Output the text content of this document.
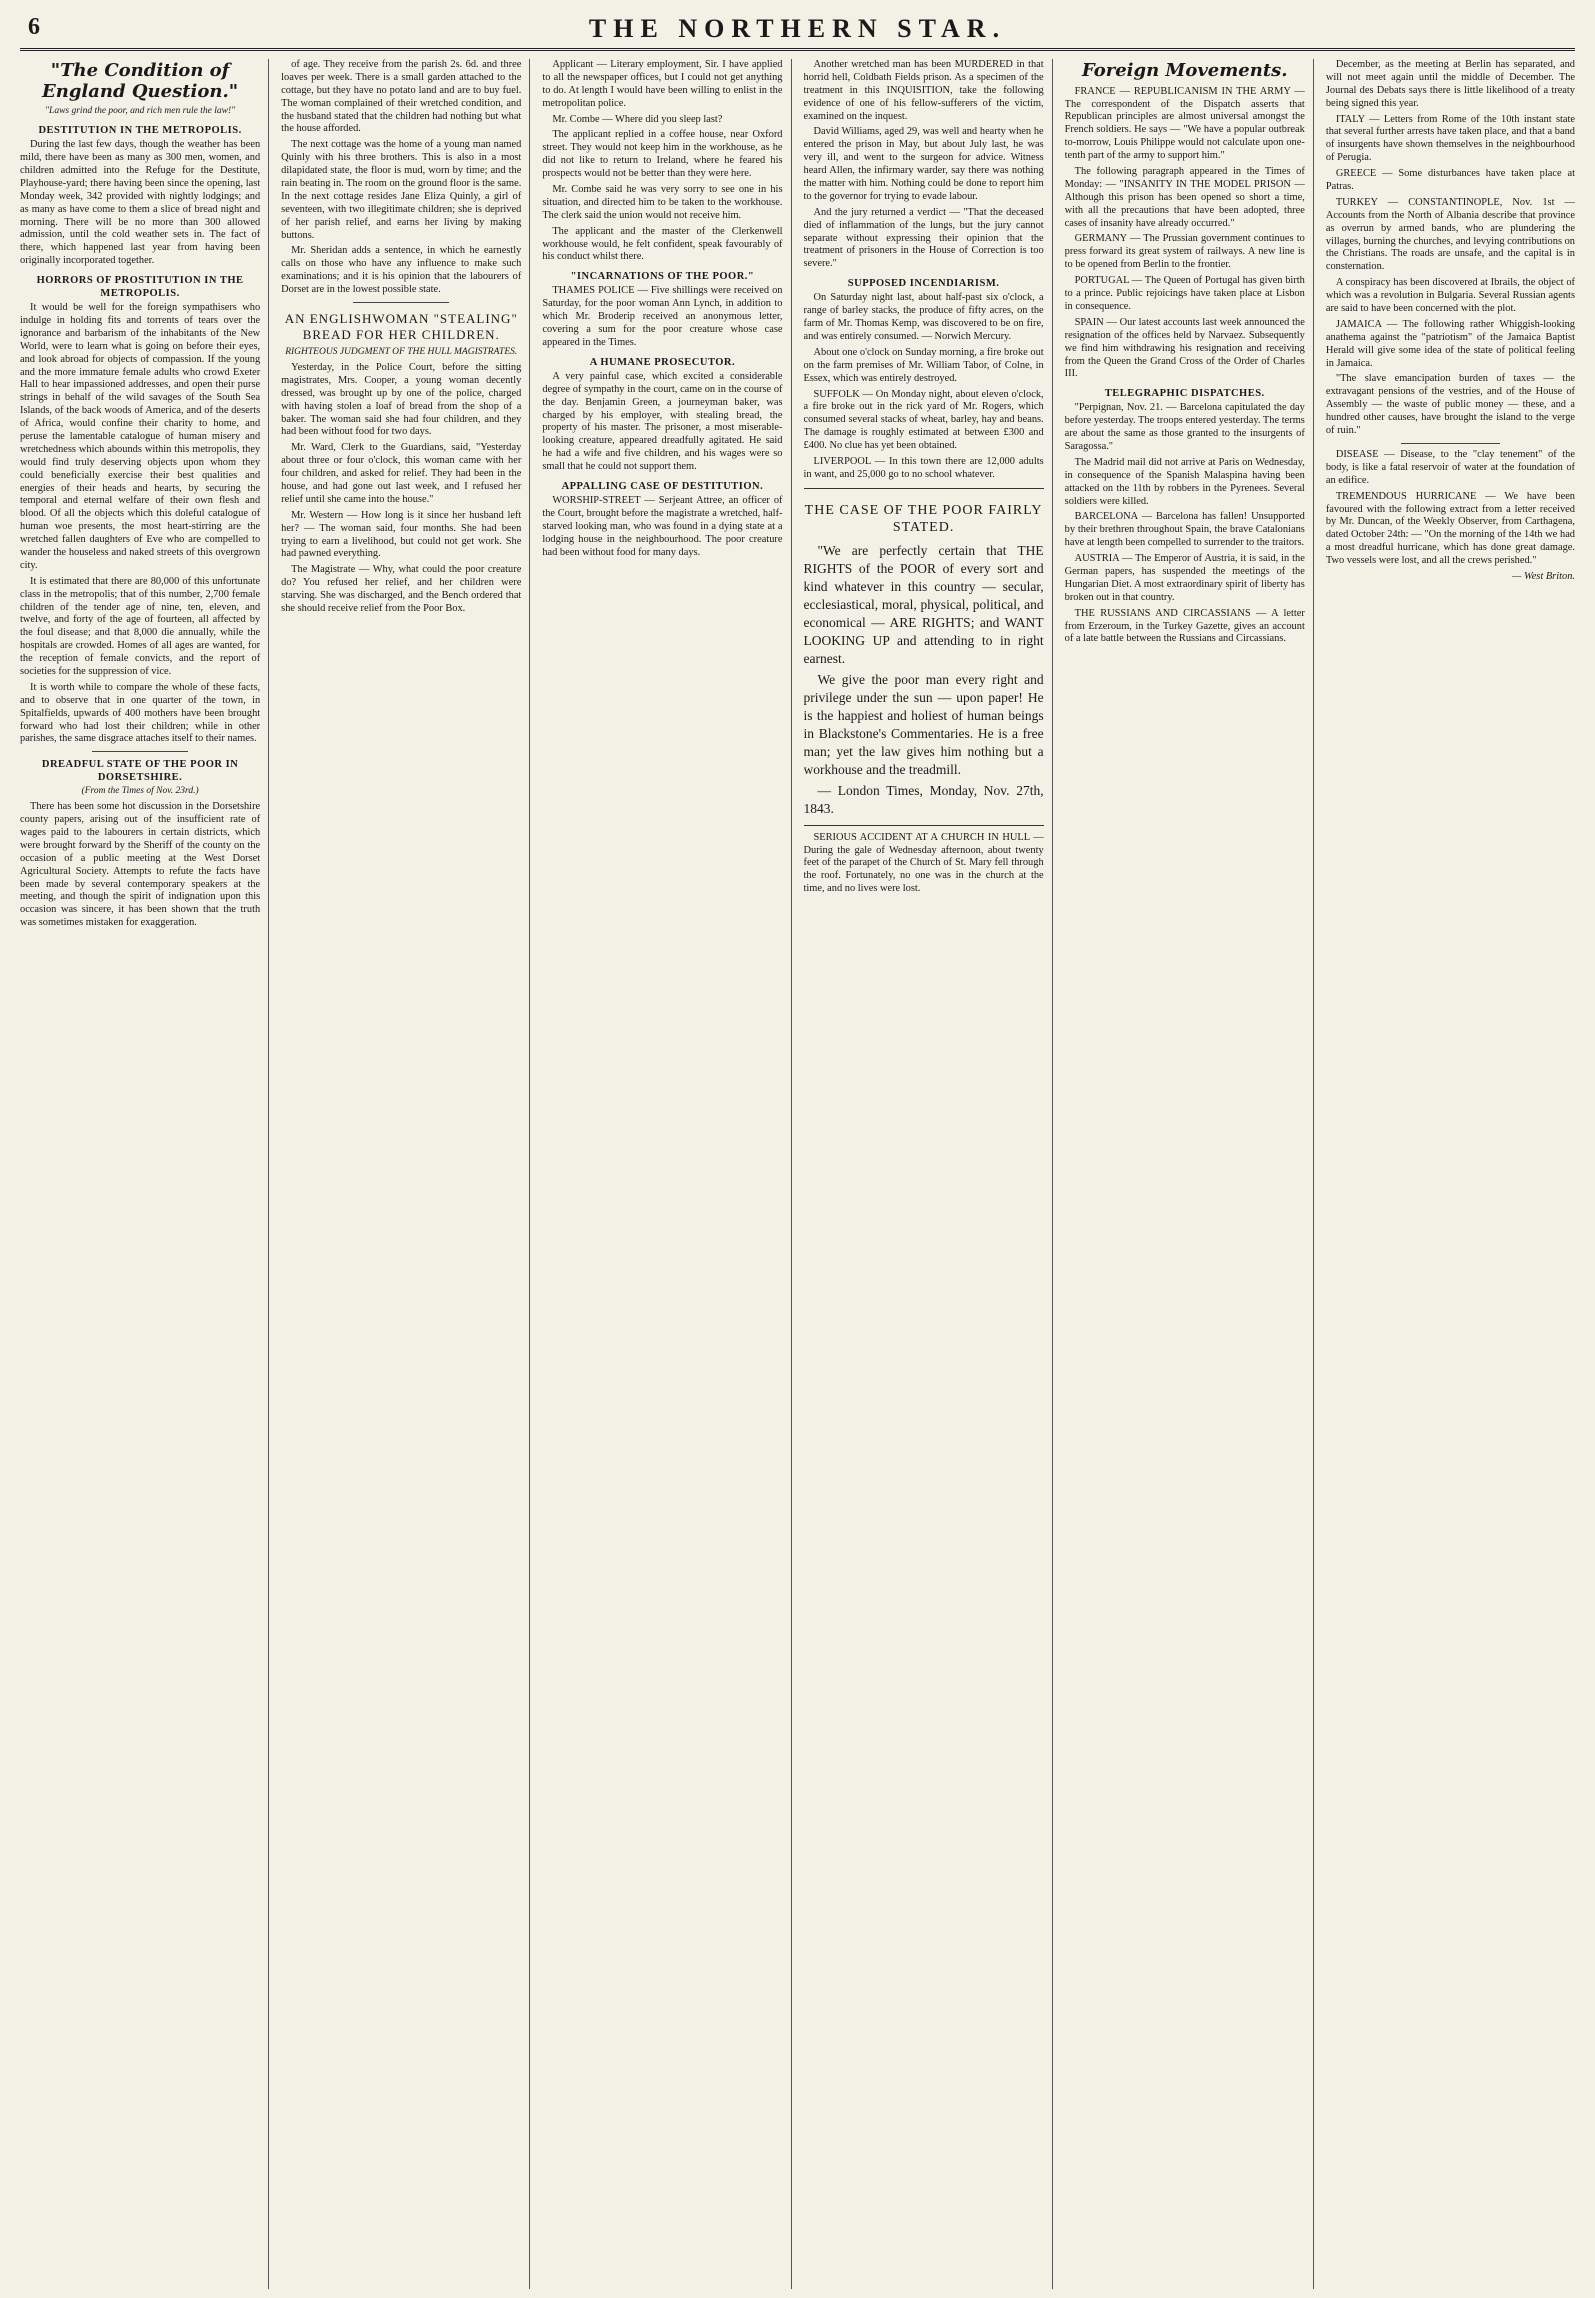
6	THE NORTHERN STAR.
"The Condition of England Question."
"Laws grind the poor, and rich men rule the law!"
DESTITUTION IN THE METROPOLIS.

During the last few days, though the weather has been mild, there have been as many as 300 men, women, and children admitted into the Refuge for the Destitute, Playhouse-yard; there having been since the opening, last Monday week, 342 provided with nightly lodgings; and as many as have come to them a slice of bread night and morning. There will be no more than 300 allowed admission, until the cold weather sets in. The fact of there, which happened last year from having been originally incorporated together.

HORRORS OF PROSTITUTION IN THE METROPOLIS.

It would be well for the foreign sympathisers who indulge in holding fits and torrents of tears over the ignorance and barbarism of the inhabitants of the New World, were to learn what is going on before their eyes, and look abroad for objects of compassion. If the young and the more immature female adults who crowd Exeter Hall to hear impassioned addresses, and open their purse strings in behalf of the wild savages of the South Sea Islands, of the back woods of America, and of the deserts of Africa, would confine their charity to home, and peruse the lamentable catalogue of human misery and wretchedness which abounds within this metropolis, they would find truly deserving objects upon whom they could beneficially exercise their best qualities and energies of their heads and hearts, by securing the temporal and eternal welfare of their own flesh and blood. Of all the objects which this doleful catalogue of human woe presents, the most heart-stirring are the wretched fallen daughters of Eve who are compelled to wander the houseless and naked streets of this overgrown city.

It is estimated that there are 80,000 of this unfortunate class in the metropolis; that of this number, 2,700 female children of the tender age of nine, ten, eleven, and twelve, and forty of the age of fourteen, all affected by the foul disease; and that 8,000 die annually, while the hospitals are crowded. Homes of all ages are wanted, for the reception of female convicts, and the report of societies for the suppression of vice.

It is worth while to compare the whole of these facts, and to observe that in one quarter of the town, in Spitalfields, upwards of 400 mothers have been brought forward who had lost their children; while in other parishes, the same disgrace attaches itself to their names.

DREADFUL STATE OF THE POOR IN DORSETSHIRE.
(From the Times of Nov. 23rd.)

There has been some hot discussion in the Dorsetshire county papers, arising out of the insufficient rate of wages paid to the labourers in certain districts, which were brought forward by the Sheriff of the county on the occasion of a public meeting at the West Dorset Agricultural Society. Attempts to refute the facts have been made by several contemporary speakers at the meeting, and though the spirit of indignation upon this occasion was sincere, it has been shown that the truth was sometimes mistaken for exaggeration.

of age. They receive from the parish 2s. 6d. and three loaves per week. There is a small garden attached to the cottage, but they have no potato land and are to buy fuel. The woman complained of their wretched condition, and the husband stated that the children had nothing but what the house afforded.

The next cottage was the home of a young man named Quinly with his three brothers. This is also in a most dilapidated state, the floor is mud, worn by time; and the rain beating in. The room on the ground floor is the same. In the next cottage resides Jane Eliza Quinly, a girl of seventeen, with two illegitimate children; she is deprived of her parish relief, and earns her living by making buttons.

Mr. Sheridan adds a sentence, in which he earnestly calls on those who have any influence to make such examinations; and it is his opinion that the labourers of Dorset are in the lowest possible state.

AN ENGLISHWOMAN "STEALING" BREAD FOR HER CHILDREN.
RIGHTEOUS JUDGMENT OF THE HULL MAGISTRATES.

Yesterday, in the Police Court, before the sitting magistrates, Mrs. Cooper, a young woman decently dressed, was brought up by one of the police, charged with having stolen a loaf of bread from the shop of a baker. The woman said she had four children, and they had been without food for two days.

Mr. Ward, Clerk to the Guardians, said, "Yesterday about three or four o'clock, this woman came with her four children, and asked for relief. They had been in the house, and had gone out last week, and I refused her relief until she came into the house."

Mr. Western — How long is it since her husband left her? — The woman said, four months. She had been trying to earn a livelihood, but could not get work. She had pawned everything.

The Magistrate — Why, what could the poor creature do? You refused her relief, and her children were starving. She was discharged, and the Bench ordered that she should receive relief from the Poor Box.

Applicant — Literary employment, Sir. I have applied to all the newspaper offices, but I could not get anything to do. At length I would have been willing to enlist in the metropolitan police.

Mr. Combe — Where did you sleep last?

The applicant replied in a coffee house, near Oxford street. They would not keep him in the workhouse, as he did not like to return to Ireland, where he feared his prospects would not be better than they were here.

Mr. Combe said he was very sorry to see one in his situation, and directed him to be taken to the workhouse. The clerk said the union would not receive him.

The applicant and the master of the Clerkenwell workhouse would, he felt confident, speak favourably of his conduct whilst there.

"INCARNATIONS OF THE POOR."

THAMES POLICE — Five shillings were received on Saturday, for the poor woman Ann Lynch, in addition to which Mr. Broderip received an anonymous letter, covering a sum for the poor creature whose case appeared in the Times.

A HUMANE PROSECUTOR.

A very painful case, which excited a considerable degree of sympathy in the court, came on in the course of the day. Benjamin Green, a journeyman baker, was charged by his employer, with stealing bread, the property of his master. The prisoner, a most miserable-looking creature, appeared dreadfully agitated. He said he had a wife and five children, and his wages were so small that he could not support them.

APPALLING CASE OF DESTITUTION.

WORSHIP-STREET — Serjeant Attree, an officer of the Court, brought before the magistrate a wretched, half-starved looking man, who was found in a dying state at a lodging house in the neighbourhood. The poor creature had been without food for many days.

Another wretched man has been MURDERED in that horrid hell, Coldbath Fields prison. As a specimen of the treatment in this INQUISITION, take the following evidence of one of his fellow-sufferers of the victim, examined on the inquest.

David Williams, aged 29, was well and hearty when he entered the prison in May, but about July last, he was very ill, and went to the surgeon for advice. Witness heard Allen, the infirmary warder, say there was nothing the matter with him. Nothing could be done to report him to the governor for trying to evade labour.

And the jury returned a verdict — "That the deceased died of inflammation of the lungs, but the jury cannot separate without expressing their opinion that the treatment of prisoners in the House of Correction is too severe."

SUPPOSED INCENDIARISM.

On Saturday night last, about half-past six o'clock, a range of barley stacks, the produce of fifty acres, on the farm of Mr. Thomas Kemp, was discovered to be on fire, and was entirely consumed. — Norwich Mercury.

About one o'clock on Sunday morning, a fire broke out on the farm premises of Mr. William Tabor, of Colne, in Essex, which was entirely destroyed.

SUFFOLK — On Monday night, about eleven o'clock, a fire broke out in the rick yard of Mr. Rogers, which consumed several stacks of wheat, barley, hay and beans. The damage is roughly estimated at between £300 and £400. No clue has yet been obtained.

LIVERPOOL — In this town there are 12,000 adults in want, and 25,000 go to no school whatever.

THE CASE OF THE POOR FAIRLY STATED.

"We are perfectly certain that THE RIGHTS of the POOR of every sort and kind whatever in this country — secular, ecclesiastical, moral, physical, political, and economical — ARE RIGHTS; and WANT LOOKING UP and attending to in right earnest.

We give the poor man every right and privilege under the sun — upon paper! He is the happiest and holiest of human beings in Blackstone's Commentaries. He is a free man; yet the law gives him nothing but a workhouse and the treadmill.

— London Times, Monday, Nov. 27th, 1843.

SERIOUS ACCIDENT AT A CHURCH IN HULL — During the gale of Wednesday afternoon, about twenty feet of the parapet of the Church of St. Mary fell through the roof. Fortunately, no one was in the church at the time, and no lives were lost.

Foreign Movements.

FRANCE — REPUBLICANISM IN THE ARMY — The correspondent of the Dispatch asserts that Republican principles are almost universal amongst the French soldiers. He says — "We have a popular outbreak to-morrow, Louis Philippe would not calculate upon one-tenth part of the army to support him."

The following paragraph appeared in the Times of Monday: — "INSANITY IN THE MODEL PRISON — Although this prison has been opened so short a time, with all the precautions that have been adopted, three cases of insanity have already occurred."

GERMANY — The Prussian government continues to press forward its great system of railways. A new line is to be opened from Berlin to the frontier.

PORTUGAL — The Queen of Portugal has given birth to a prince. Public rejoicings have taken place at Lisbon in consequence.

SPAIN — Our latest accounts last week announced the resignation of the offices held by Narvaez. Subsequently we find him withdrawing his resignation and receiving from the Queen the Grand Cross of the Order of Charles III.

TELEGRAPHIC DISPATCHES.

"Perpignan, Nov. 21. — Barcelona capitulated the day before yesterday. The troops entered yesterday. The terms are about the same as those granted to the insurgents of Saragossa."

The Madrid mail did not arrive at Paris on Wednesday, in consequence of the Spanish Malaspina having been attacked on the 11th by robbers in the Pyrenees. Several soldiers were killed.

BARCELONA — Barcelona has fallen! Unsupported by their brethren throughout Spain, the brave Catalonians have at length been compelled to surrender to the traitors.

AUSTRIA — The Emperor of Austria, it is said, in the German papers, has suspended the meetings of the Hungarian Diet. A most extraordinary spirit of liberty has broken out in that country.

THE RUSSIANS AND CIRCASSIANS — A letter from Erzeroum, in the Turkey Gazette, gives an account of a late battle between the Russians and Circassians.

December, as the meeting at Berlin has separated, and will not meet again until the middle of December. The Journal des Debats says there is little likelihood of a treaty being signed this year.

ITALY — Letters from Rome of the 10th instant state that several further arrests have taken place, and that a band of insurgents have shown themselves in the neighbourhood of Perugia.

GREECE — Some disturbances have taken place at Patras.

TURKEY — CONSTANTINOPLE, Nov. 1st — Accounts from the North of Albania describe that province as overrun by armed bands, who are plundering the villages, burning the churches, and levying contributions on the Christians. The roads are unsafe, and the capital is in consternation.

A conspiracy has been discovered at Ibrails, the object of which was a revolution in Bulgaria. Several Russian agents are said to have been concerned with the plot.

JAMAICA — The following rather Whiggish-looking anathema against the "patriotism" of the Jamaica Baptist Herald will give some idea of the state of political feeling in Jamaica.

"The slave emancipation burden of taxes — the extravagant pensions of the vestries, and of the House of Assembly — the waste of public money — these, and a hundred other causes, have brought the island to the verge of ruin."

DISEASE — Disease, to the "clay tenement" of the body, is like a fatal reservoir of water at the foundation of an edifice.

TREMENDOUS HURRICANE — We have been favoured with the following extract from a letter received by Mr. Duncan, of the Weekly Observer, from Carthagena, dated October 24th: — "On the morning of the 14th we had a most dreadful hurricane, which has done great damage. Two vessels were lost, and all the crews perished."

— West Briton.
